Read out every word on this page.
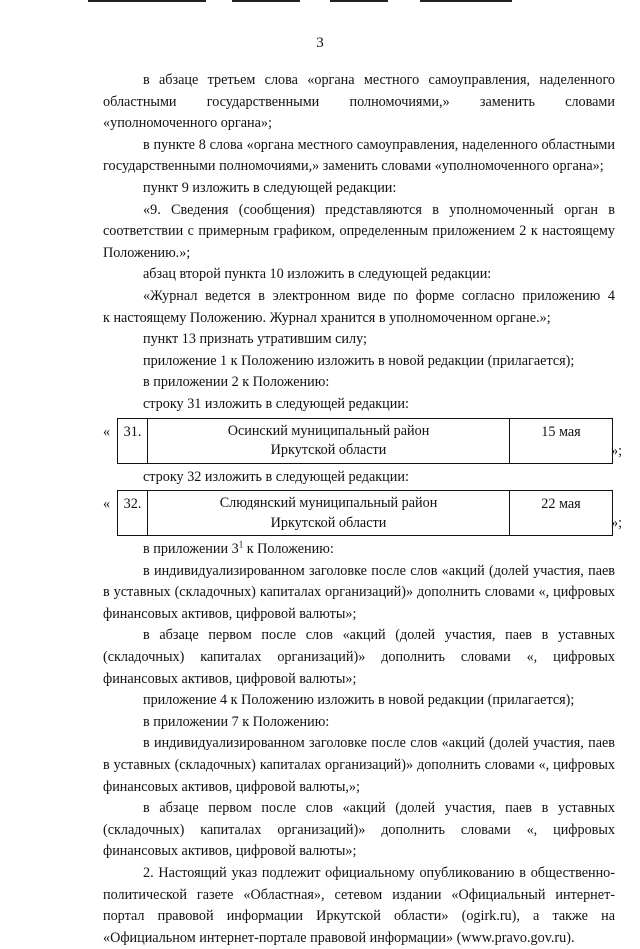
3

в абзаце третьем слова «органа местного самоуправления, наделенного областными государственными полномочиями,» заменить словами «уполномоченного органа»;

в пункте 8 слова «органа местного самоуправления, наделенного областными государственными полномочиями,» заменить словами «уполномоченного органа»;

пункт 9 изложить в следующей редакции:

«9. Сведения (сообщения) представляются в уполномоченный орган в соответствии с примерным графиком, определенным приложением 2 к настоящему Положению.»;

абзац второй пункта 10 изложить в следующей редакции:

«Журнал ведется в электронном виде по форме согласно приложению 4

к настоящему Положению. Журнал хранится в уполномоченном органе.»;

пункт 13 признать утратившим силу;

приложение 1 к Положению изложить в новой редакции (прилагается);

в приложении 2 к Положению:

строку 31 изложить в следующей редакции:

« 31.	Осинский муниципальный район
Иркутской области
15 мая
»;

строку 32 изложить в следующей редакции:

« 32.	Слюдянский муниципальный район
Иркутской области
22 мая
»;

в приложении $3^1$ к Положению:

в индивидуализированном заголовке после слов «акций (долей участия, паев в уставных (складочных) капиталах организаций)» дополнить словами «, цифровых финансовых активов, цифровой валюты»;

в абзаце первом после слов «акций (долей участия, паев в уставных (складочных) капиталах организаций)» дополнить словами «, цифровых финансовых активов, цифровой валюты»;

приложение 4 к Положению изложить в новой редакции (прилагается);

в приложении 7 к Положению:

в индивидуализированном заголовке после слов «акций (долей участия, паев в уставных (складочных) капиталах организаций)» дополнить словами «, цифровых финансовых активов, цифровой валюты,»;

в абзаце первом после слов «акций (долей участия, паев в уставных (складочных) капиталах организаций)» дополнить словами «, цифровых финансовых активов, цифровой валюты»;

2. Настоящий указ подлежит официальному опубликованию в общественно-политической газете «Областная», сетевом издании «Официальный интернет-портал правовой информации Иркутской области» (ogirk.ru), а также на «Официальном интернет-портале правовой информации» (www.pravo.gov.ru).
